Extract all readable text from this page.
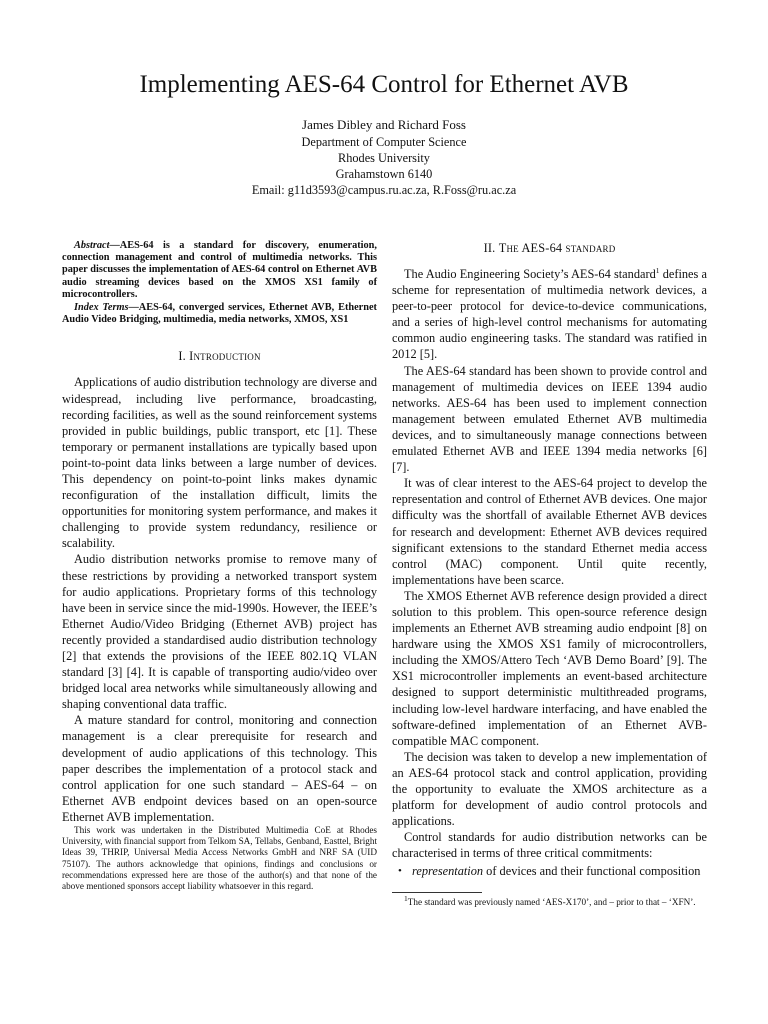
Implementing AES-64 Control for Ethernet AVB
James Dibley and Richard Foss
Department of Computer Science
Rhodes University
Grahamstown 6140
Email: g11d3593@campus.ru.ac.za, R.Foss@ru.ac.za

Abstract—AES-64 is a standard for discovery, enumeration, connection management and control of multimedia networks. This paper discusses the implementation of AES-64 control on Ethernet AVB audio streaming devices based on the XMOS XS1 family of microcontrollers.

Index Terms—AES-64, converged services, Ethernet AVB, Ethernet Audio Video Bridging, multimedia, media networks, XMOS, XS1

I. Introduction

Applications of audio distribution technology are diverse and widespread, including live performance, broadcasting, recording facilities, as well as the sound reinforcement systems provided in public buildings, public transport, etc [1]. These temporary or permanent installations are typically based upon point-to-point data links between a large number of devices. This dependency on point-to-point links makes dynamic reconfiguration of the installation difficult, limits the opportunities for monitoring system performance, and makes it challenging to provide system redundancy, resilience or scalability.

Audio distribution networks promise to remove many of these restrictions by providing a networked transport system for audio applications. Proprietary forms of this technology have been in service since the mid-1990s. However, the IEEE’s Ethernet Audio/Video Bridging (Ethernet AVB) project has recently provided a standardised audio distribution technology [2] that extends the provisions of the IEEE 802.1Q VLAN standard [3] [4]. It is capable of transporting audio/video over bridged local area networks while simultaneously allowing and shaping conventional data traffic.

A mature standard for control, monitoring and connection management is a clear prerequisite for research and development of audio applications of this technology. This paper describes the implementation of a protocol stack and control application for one such standard – AES-64 – on Ethernet AVB endpoint devices based on an open-source Ethernet AVB implementation.

This work was undertaken in the Distributed Multimedia CoE at Rhodes University, with financial support from Telkom SA, Tellabs, Genband, Easttel, Bright Ideas 39, THRIP, Universal Media Access Networks GmbH and NRF SA (UID 75107). The authors acknowledge that opinions, findings and conclusions or recommendations expressed here are those of the author(s) and that none of the above mentioned sponsors accept liability whatsoever in this regard.

II. The AES-64 standard

The Audio Engineering Society’s AES-64 standard$^1$ defines a scheme for representation of multimedia network devices, a peer-to-peer protocol for device-to-device communications, and a series of high-level control mechanisms for automating common audio engineering tasks. The standard was ratified in 2012 [5].

The AES-64 standard has been shown to provide control and management of multimedia devices on IEEE 1394 audio networks. AES-64 has been used to implement connection management between emulated Ethernet AVB multimedia devices, and to simultaneously manage connections between emulated Ethernet AVB and IEEE 1394 media networks [6] [7].

It was of clear interest to the AES-64 project to develop the representation and control of Ethernet AVB devices. One major difficulty was the shortfall of available Ethernet AVB devices for research and development: Ethernet AVB devices required significant extensions to the standard Ethernet media access control (MAC) component. Until quite recently, implementations have been scarce.

The XMOS Ethernet AVB reference design provided a direct solution to this problem. This open-source reference design implements an Ethernet AVB streaming audio endpoint [8] on hardware using the XMOS XS1 family of microcontrollers, including the XMOS/Attero Tech ‘AVB Demo Board’ [9]. The XS1 microcontroller implements an event-based architecture designed to support deterministic multithreaded programs, including low-level hardware interfacing, and have enabled the software-defined implementation of an Ethernet AVB-compatible MAC component.

The decision was taken to develop a new implementation of an AES-64 protocol stack and control application, providing the opportunity to evaluate the XMOS architecture as a platform for development of audio control protocols and applications.

Control standards for audio distribution networks can be characterised in terms of three critical commitments:

• representation of devices and their functional composition

$^1$The standard was previously named ‘AES-X170’, and – prior to that – ‘XFN’.
